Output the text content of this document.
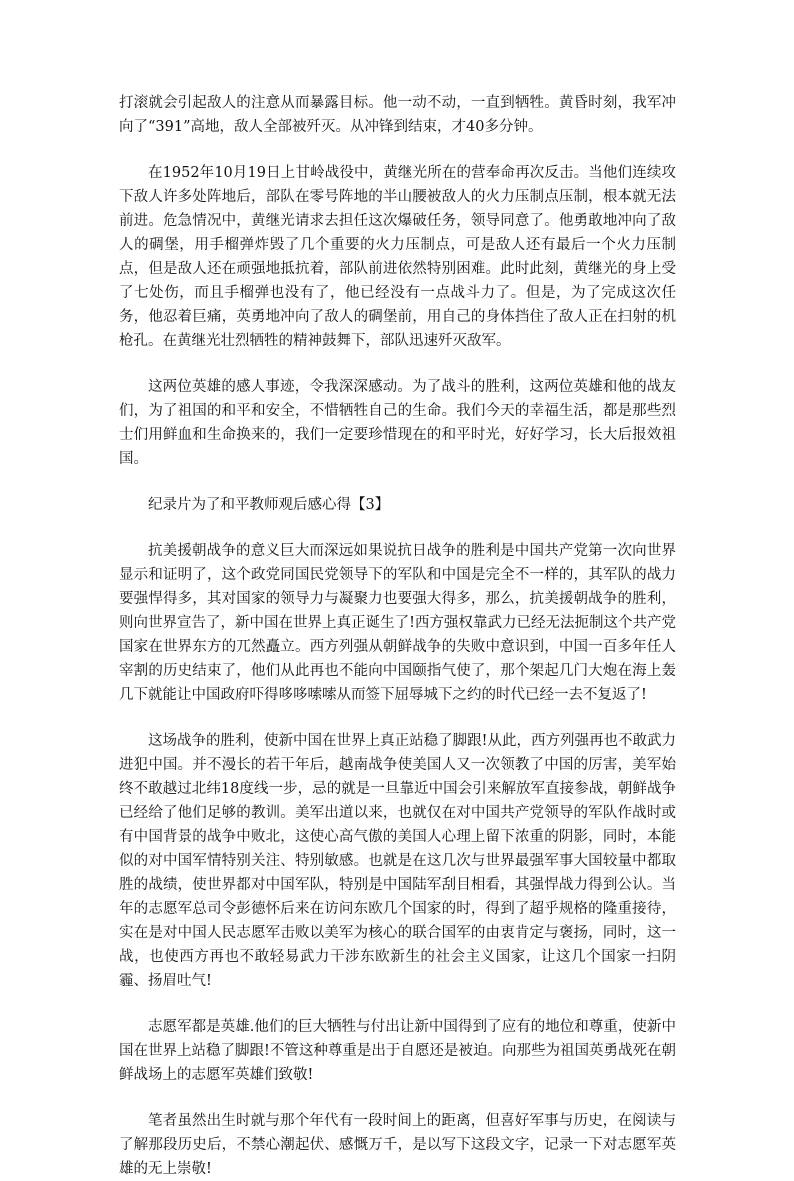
打滚就会引起敌人的注意从而暴露目标。他一动不动，一直到牺牲。黄昏时刻，我军冲向了“391”高地，敌人全部被歼灭。从冲锋到结束，才40多分钟。

在1952年10月19日上甘岭战役中，黄继光所在的营奉命再次反击。当他们连续攻下敌人许多处阵地后，部队在零号阵地的半山腰被敌人的火力压制点压制，根本就无法前进。危急情况中，黄继光请求去担任这次爆破任务，领导同意了。他勇敢地冲向了敌人的碉堡，用手榴弹炸毁了几个重要的火力压制点，可是敌人还有最后一个火力压制点，但是敌人还在顽强地抵抗着，部队前进依然特别困难。此时此刻，黄继光的身上受了七处伤，而且手榴弹也没有了，他已经没有一点战斗力了。但是，为了完成这次任务，他忍着巨痛，英勇地冲向了敌人的碉堡前，用自己的身体挡住了敌人正在扫射的机枪孔。在黄继光壮烈牺牲的精神鼓舞下，部队迅速歼灭敌军。

这两位英雄的感人事迹，令我深深感动。为了战斗的胜利，这两位英雄和他的战友们，为了祖国的和平和安全，不惜牺牲自己的生命。我们今天的幸福生活，都是那些烈士们用鲜血和生命换来的，我们一定要珍惜现在的和平时光，好好学习，长大后报效祖国。

纪录片为了和平教师观后感心得【3】

抗美援朝战争的意义巨大而深远如果说抗日战争的胜利是中国共产党第一次向世界显示和证明了，这个政党同国民党领导下的军队和中国是完全不一样的，其军队的战力要强悍得多，其对国家的领导力与凝聚力也要强大得多，那么，抗美援朝战争的胜利，则向世界宣告了，新中国在世界上真正诞生了!西方强权靠武力已经无法扼制这个共产党国家在世界东方的兀然矗立。西方列强从朝鲜战争的失败中意识到，中国一百多年任人宰割的历史结束了，他们从此再也不能向中国颐指气使了，那个架起几门大炮在海上轰几下就能让中国政府吓得哆哆嗦嗦从而签下屈辱城下之约的时代已经一去不复返了!

这场战争的胜利，使新中国在世界上真正站稳了脚跟!从此，西方列强再也不敢武力进犯中国。并不漫长的若干年后，越南战争使美国人又一次领教了中国的厉害，美军始终不敢越过北纬18度线一步，忌的就是一旦靠近中国会引来解放军直接参战，朝鲜战争已经给了他们足够的教训。美军出道以来，也就仅在对中国共产党领导的军队作战时或有中国背景的战争中败北，这使心高气傲的美国人心理上留下浓重的阴影，同时，本能似的对中国军情特别关注、特别敏感。也就是在这几次与世界最强军事大国较量中都取胜的战绩，使世界都对中国军队，特别是中国陆军刮目相看，其强悍战力得到公认。当年的志愿军总司令彭德怀后来在访问东欧几个国家的时，得到了超乎规格的隆重接待，实在是对中国人民志愿军击败以美军为核心的联合国军的由衷肯定与褒扬，同时，这一战，也使西方再也不敢轻易武力干涉东欧新生的社会主义国家，让这几个国家一扫阴霾、扬眉吐气!

志愿军都是英雄.他们的巨大牺牲与付出让新中国得到了应有的地位和尊重，使新中国在世界上站稳了脚跟!不管这种尊重是出于自愿还是被迫。向那些为祖国英勇战死在朝鲜战场上的志愿军英雄们致敬!

笔者虽然出生时就与那个年代有一段时间上的距离，但喜好军事与历史，在阅读与了解那段历史后，不禁心潮起伏、感慨万千，是以写下这段文字，记录一下对志愿军英雄的无上崇敬!
